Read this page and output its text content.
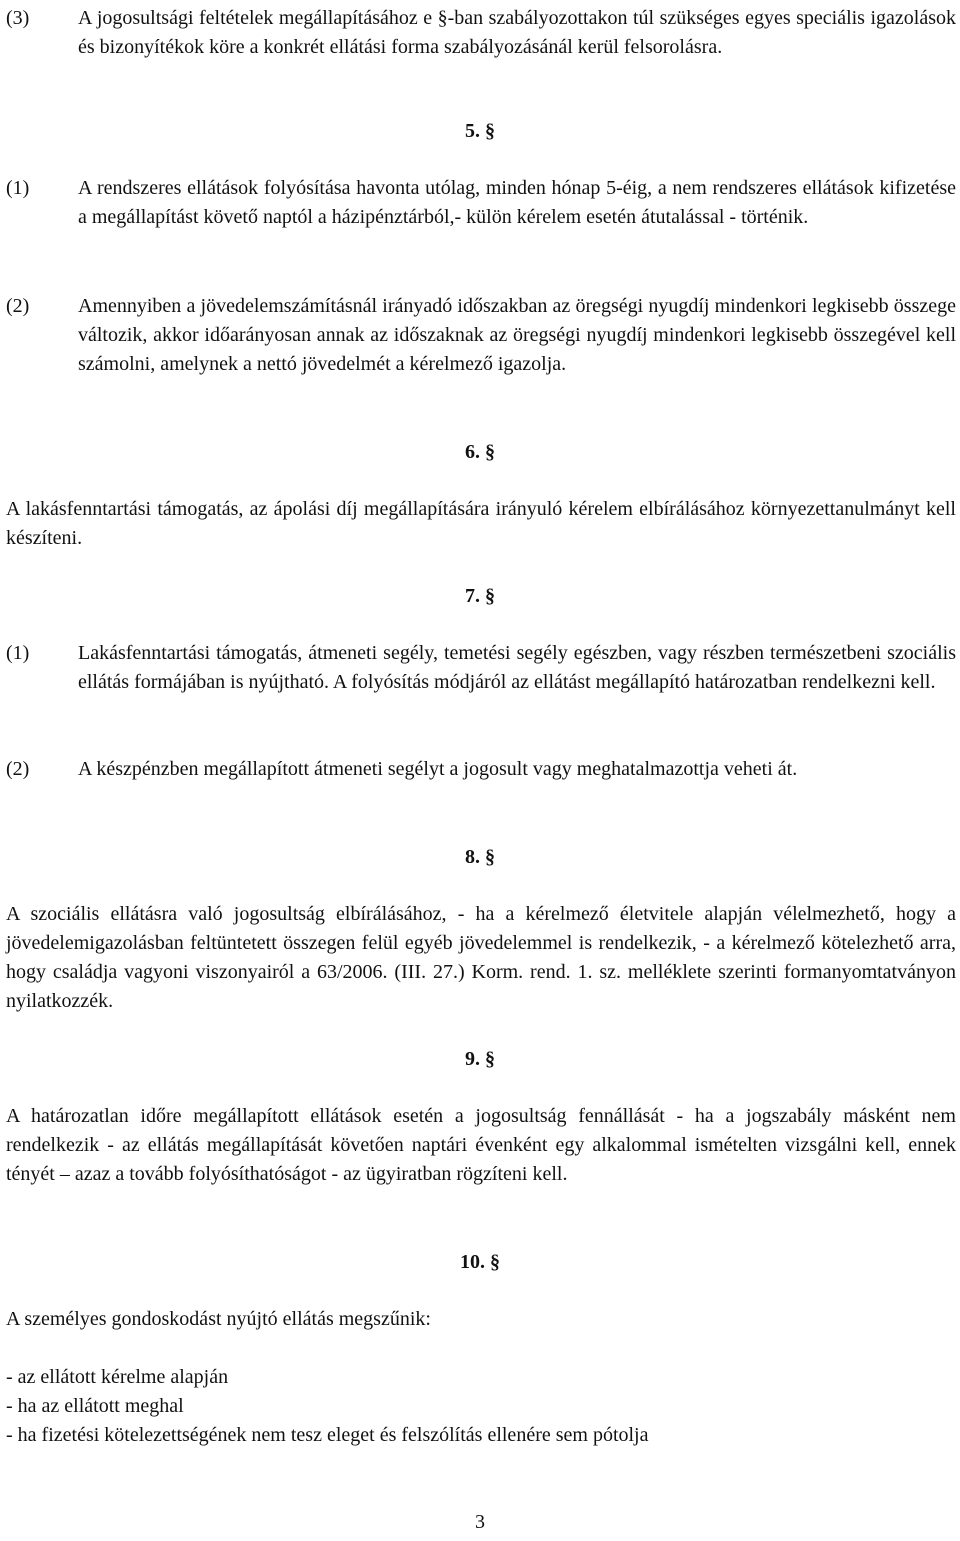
(3)	A jogosultsági feltételek megállapításához e §-ban szabályozottakon túl szükséges egyes speciális igazolások és bizonyítékok köre a konkrét ellátási forma szabályozásánál kerül felsorolásra.
5. §
(1)	A rendszeres ellátások folyósítása havonta utólag, minden hónap 5-éig, a nem rendszeres ellátások kifizetése a megállapítást követő naptól a házipénztárból,- külön kérelem esetén átutalással - történik.
(2)	Amennyiben a jövedelemszámításnál irányadó időszakban az öregségi nyugdíj mindenkori legkisebb összege változik, akkor időarányosan annak az időszaknak az öregségi nyugdíj mindenkori legkisebb összegével kell számolni, amelynek a nettó jövedelmét a kérelmező igazolja.
6. §
A lakásfenntartási támogatás, az ápolási díj megállapítására irányuló kérelem elbírálásához környezettanulmányt kell készíteni.
7. §
(1)	Lakásfenntartási támogatás, átmeneti segély, temetési segély egészben, vagy részben természetbeni szociális ellátás formájában is nyújtható. A folyósítás módjáról az ellátást megállapító határozatban rendelkezni kell.
(2)	A készpénzben megállapított átmeneti segélyt a jogosult vagy meghatalmazottja veheti át.
8. §
A szociális ellátásra való jogosultság elbírálásához, - ha a kérelmező életvitele alapján vélelmezhető, hogy a jövedelemigazolásban feltüntetett összegen felül egyéb jövedelemmel is rendelkezik, - a kérelmező kötelezhető arra, hogy családja vagyoni viszonyairól a 63/2006. (III. 27.) Korm. rend. 1. sz. melléklete szerinti formanyomtatványon nyilatkozzék.
9. §
A határozatlan időre megállapított ellátások esetén a jogosultság fennállását - ha a jogszabály másként nem rendelkezik - az ellátás megállapítását követően naptári évenként egy alkalommal ismételten vizsgálni kell, ennek tényét – azaz a tovább folyósíthatóságot - az ügyiratban rögzíteni kell.
10. §
A személyes gondoskodást nyújtó ellátás megszűnik:
- az ellátott kérelme alapján
- ha az ellátott meghal
- ha fizetési kötelezettségének nem tesz eleget és felszólítás ellenére sem pótolja
3
